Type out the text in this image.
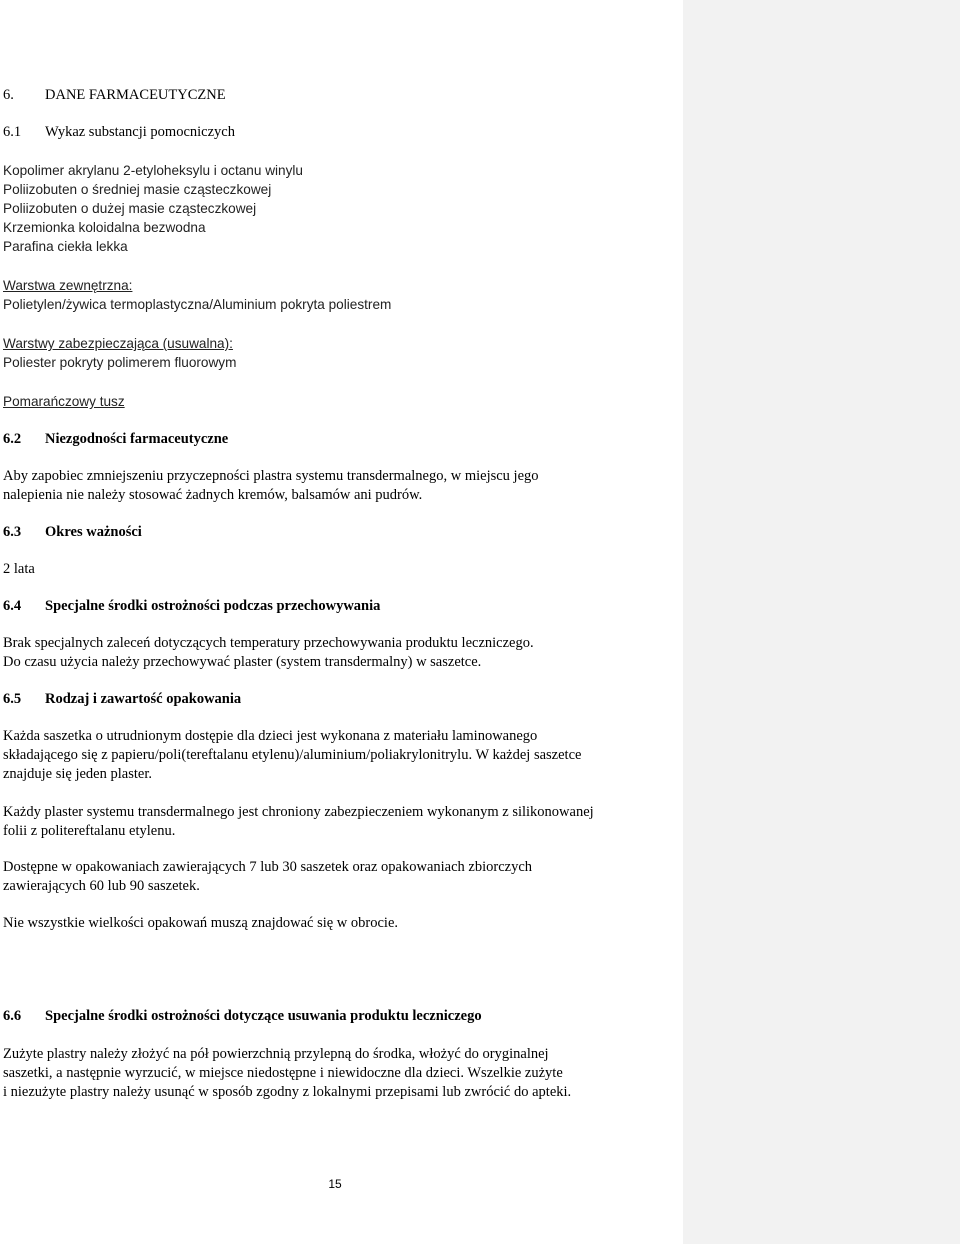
6. DANE FARMACEUTYCZNE
6.1 Wykaz substancji pomocniczych
Kopolimer akrylanu 2-etyloheksylu i octanu winylu
Poliizobuten o średniej masie cząsteczkowej
Poliizobuten o dużej masie cząsteczkowej
Krzemionka koloidalna bezwodna
Parafina ciekła lekka
Warstwa zewnętrzna:
Polietylen/żywica termoplastyczna/Aluminium pokryta poliestrem
Warstwy zabezpieczająca (usuwalna):
Poliester pokryty polimerem fluorowym
Pomarańczowy tusz
6.2 Niezgodności farmaceutyczne
Aby zapobiec zmniejszeniu przyczepności plastra systemu transdermalnego, w miejscu jego
nalepienia nie należy stosować żadnych kremów, balsamów ani pudrów.
6.3 Okres ważności
2 lata
6.4 Specjalne środki ostrożności podczas przechowywania
Brak specjalnych zaleceń dotyczących temperatury przechowywania produktu leczniczego.
Do czasu użycia należy przechowywać plaster (system transdermalny) w saszetce.
6.5 Rodzaj i zawartość opakowania
Każda saszetka o utrudnionym dostępie dla dzieci jest wykonana z materiału laminowanego
składającego się z papieru/poli(tereftalanu etylenu)/aluminium/poliakrylonitrylu. W każdej saszetce
znajduje się jeden plaster.
Każdy plaster systemu transdermalnego jest chroniony zabezpieczeniem wykonanym z silikonowanej
folii z politereftalanu etylenu.
Dostępne w opakowaniach zawierających 7 lub 30 saszetek oraz opakowaniach zbiorczych
zawierających 60 lub 90 saszetek.
Nie wszystkie wielkości opakowań muszą znajdować się w obrocie.
6.6 Specjalne środki ostrożności dotyczące usuwania produktu leczniczego
Zużyte plastry należy złożyć na pół powierzchnią przylepną do środka, włożyć do oryginalnej
saszetki, a następnie wyrzucić, w miejsce niedostępne i niewidoczne dla dzieci. Wszelkie zużyte
i niezużyte plastry należy usunąć w sposób zgodny z lokalnymi przepisami lub zwrócić do apteki.
15
